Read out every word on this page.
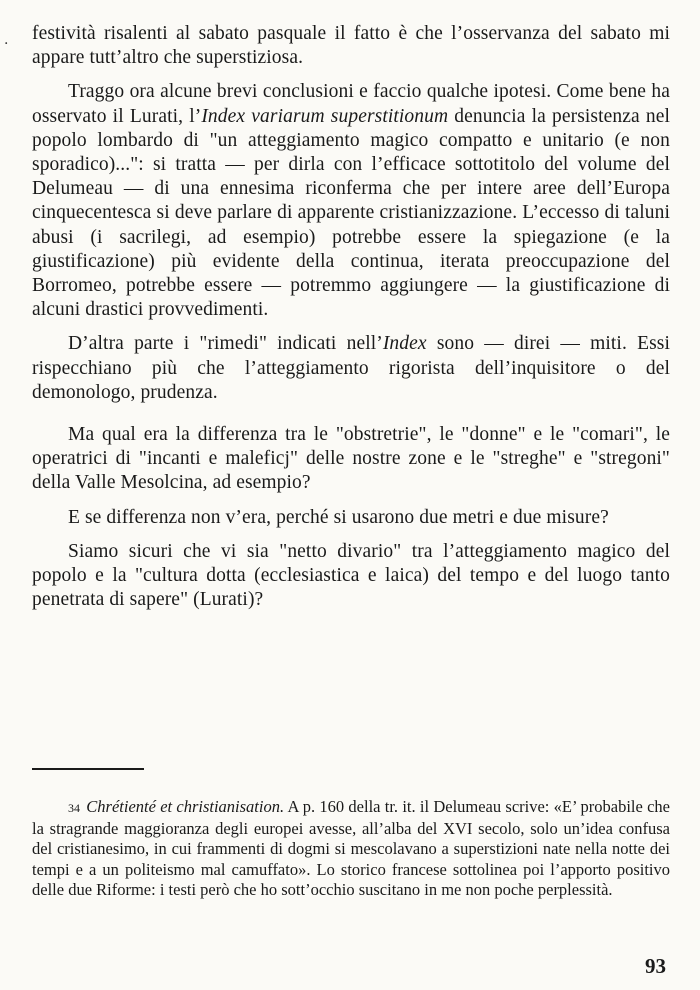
· festività risalenti al sabato pasquale il fatto è che l’osservanza del sabato mi appare tutt’altro che superstiziosa.

Traggo ora alcune brevi conclusioni e faccio qualche ipotesi. Come bene ha osservato il Lurati, l’Index variarum superstitionum denuncia la persistenza nel popolo lombardo di "un atteggiamento magico compatto e unitario (e non sporadico)...": si tratta — per dirla con l’efficace sottotitolo del volume del Delumeau — di una ennesima riconferma che per intere aree dell’Europa cinquecentesca si deve parlare di apparente cristianizzazione. L’eccesso di taluni abusi (i sacrilegi, ad esempio) potrebbe essere la spiegazione (e la giustificazione) più evidente della continua, iterata preoccupazione del Borromeo, potrebbe essere — potremmo aggiungere — la giustificazione di alcuni drastici provvedimenti.

D’altra parte i "rimedi" indicati nell’Index sono — direi — miti. Essi rispecchiano più che l’atteggiamento rigorista dell’inquisitore o del demonologo, prudenza.

Ma qual era la differenza tra le "obstretrie", le "donne" e le "comari", le operatrici di "incanti e maleficj" delle nostre zone e le "streghe" e "stregoni" della Valle Mesolcina, ad esempio?

E se differenza non v’era, perché si usarono due metri e due misure?

Siamo sicuri che vi sia "netto divario" tra l’atteggiamento magico del popolo e la "cultura dotta (ecclesiastica e laica) del tempo e del luogo tanto penetrata di sapere" (Lurati)?

34 Chrétienté et christianisation. A p. 160 della tr. it. il Delumeau scrive: «E’ probabile che la stragrande maggioranza degli europei avesse, all’alba del XVI secolo, solo un’idea confusa del cristianesimo, in cui frammenti di dogmi si mescolavano a superstizioni nate nella notte dei tempi e a un politeismo mal camuffato». Lo storico francese sottolinea poi l’apporto positivo delle due Riforme: i testi però che ho sott’occhio suscitano in me non poche perplessità.

93
